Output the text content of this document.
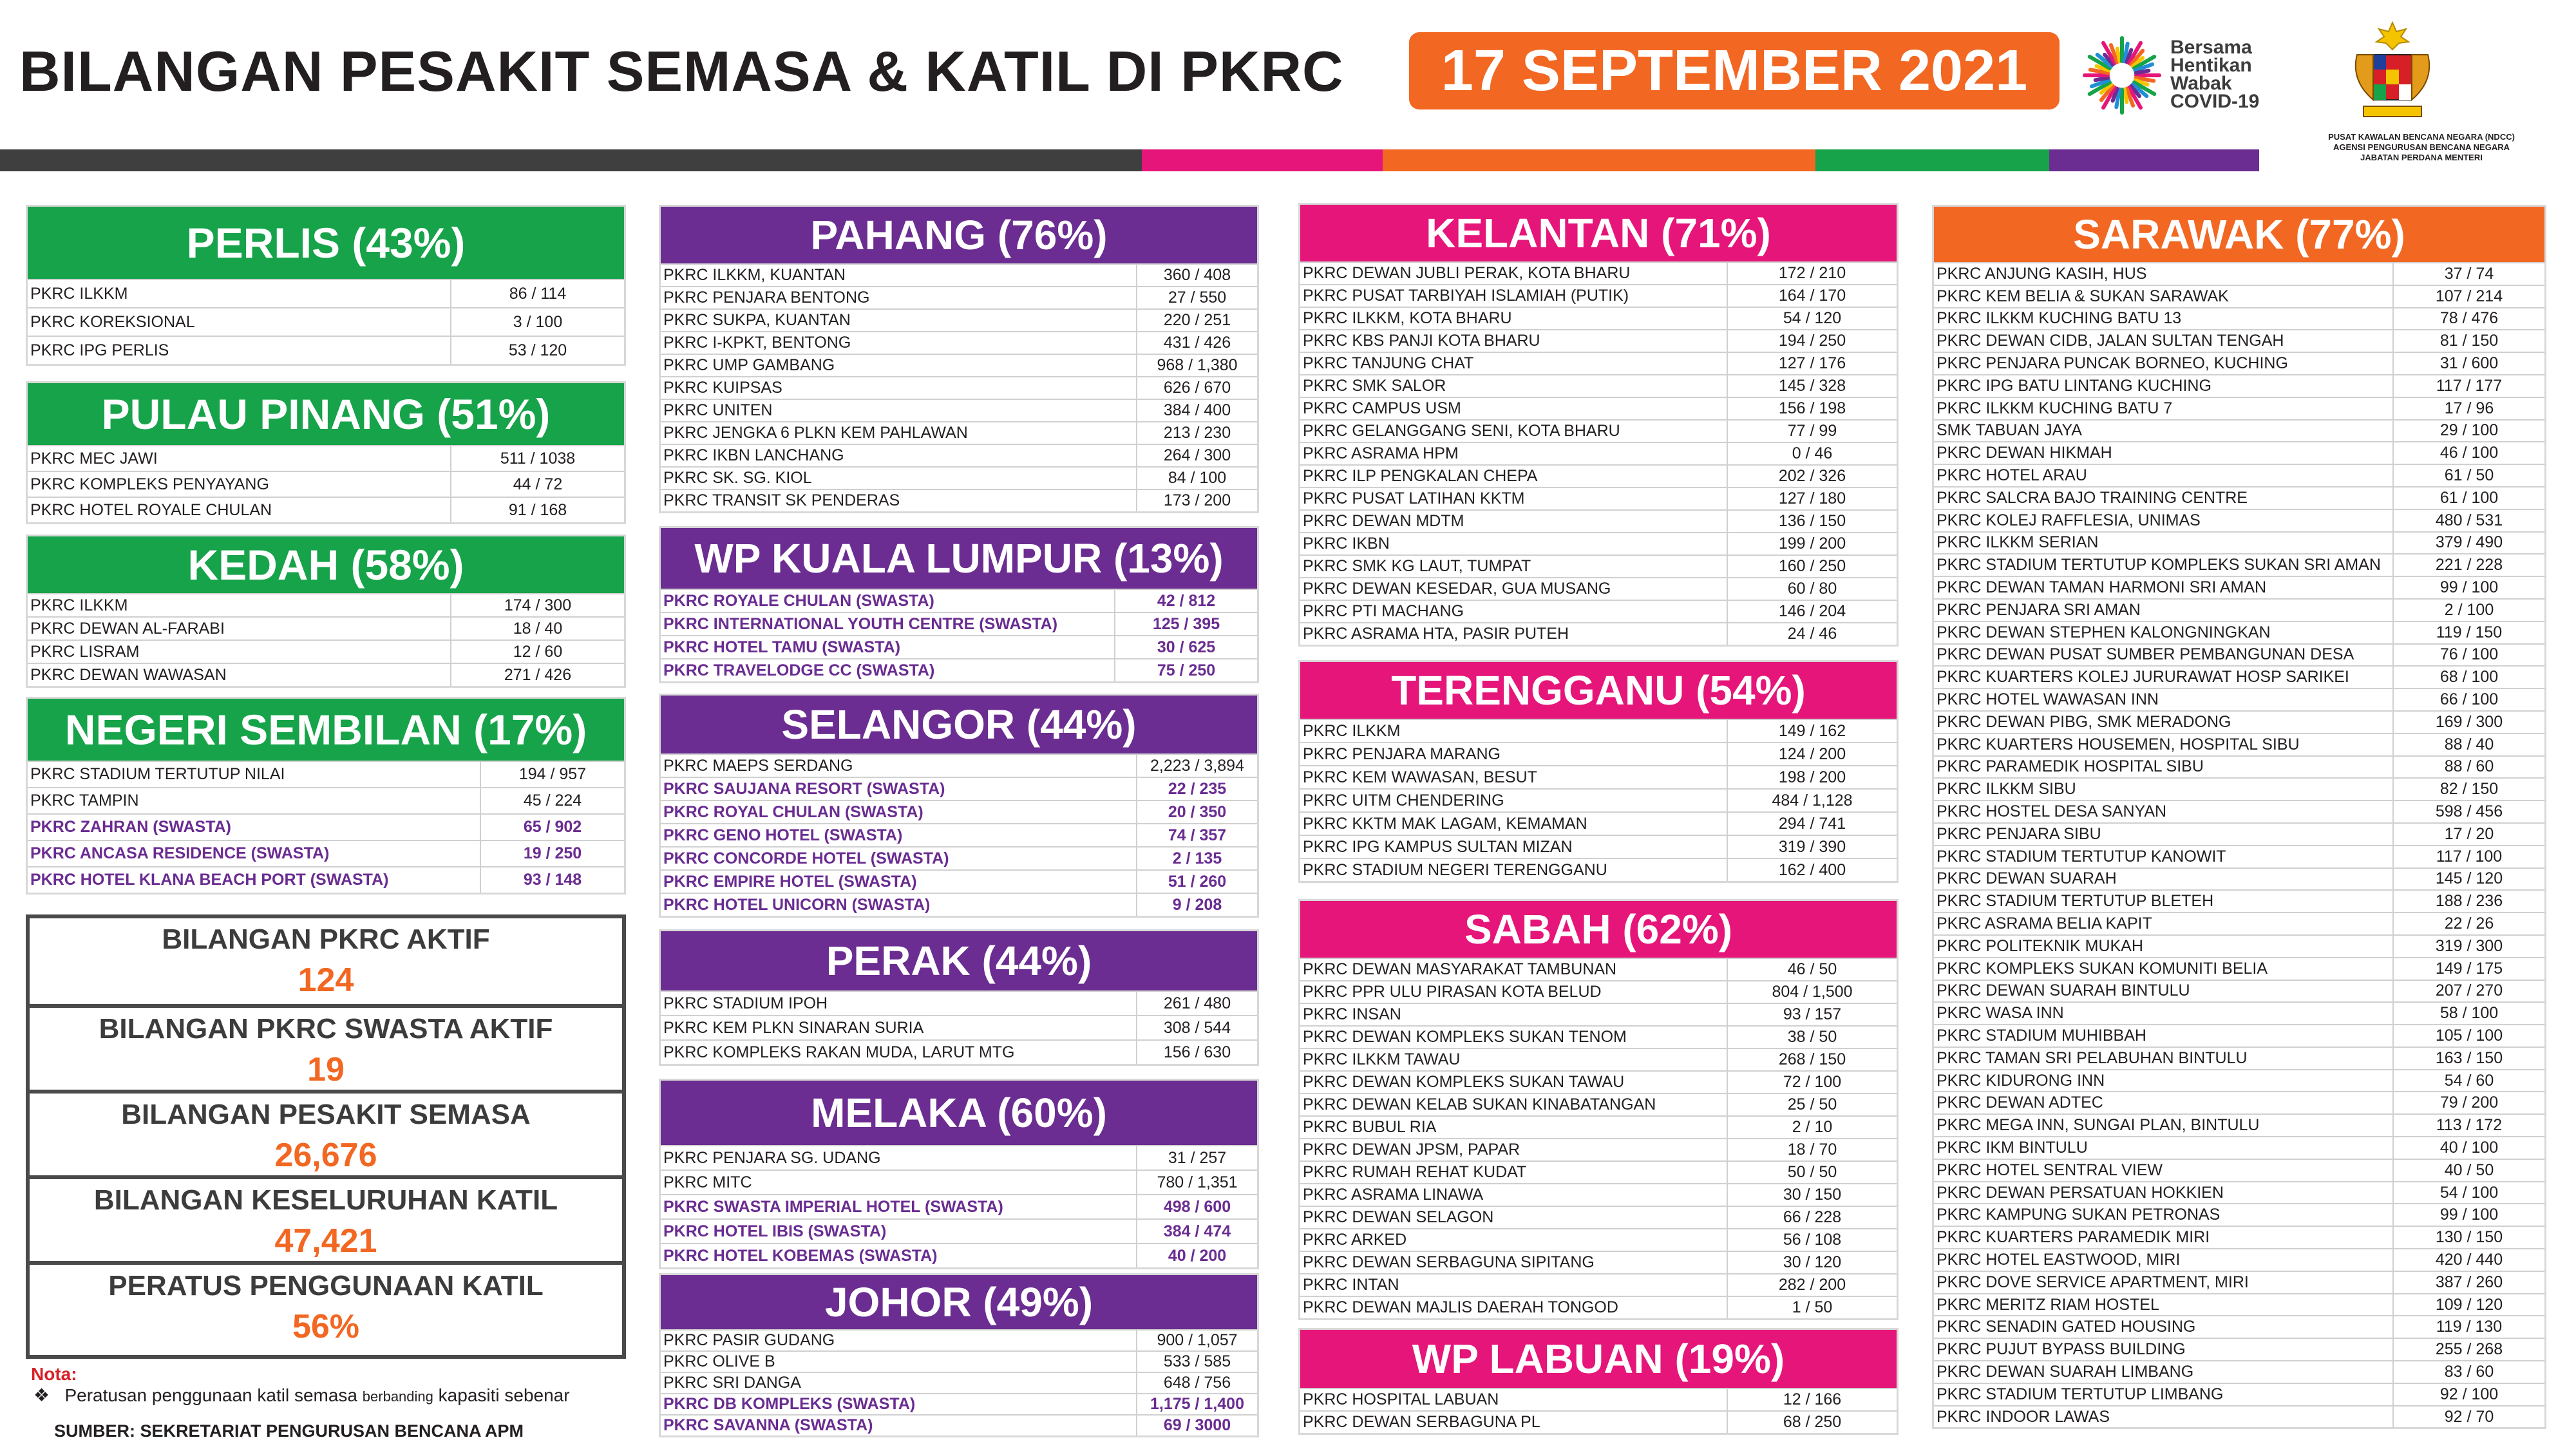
BILANGAN PESAKIT SEMASA & KATIL DI PKRC	17 SEPTEMBER 2021	Bersama
Hentikan
Wabak
COVID-19
PUSAT KAWALAN BENCANA NEGARA (NDCC)
AGENSI PENGURUSAN BENCANA NEGARA
JABATAN PERDANA MENTERI
PERLIS (43%)
PKRC ILKKM	86 / 114
PKRC KOREKSIONAL	3 / 100
PKRC IPG PERLIS	53 / 120
PULAU PINANG (51%)
PKRC MEC JAWI	511 / 1038
PKRC KOMPLEKS PENYAYANG	44 / 72
PKRC HOTEL ROYALE CHULAN	91 / 168
KEDAH (58%)
PKRC ILKKM	174 / 300
PKRC DEWAN AL-FARABI	18 / 40
PKRC LISRAM	12 / 60
PKRC DEWAN WAWASAN	271 / 426
NEGERI SEMBILAN (17%)
PKRC STADIUM TERTUTUP NILAI	194 / 957
PKRC TAMPIN	45 / 224
PKRC ZAHRAN (SWASTA)	65 / 902
PKRC ANCASA RESIDENCE (SWASTA)	19 / 250
PKRC HOTEL KLANA BEACH PORT (SWASTA)	93 / 148
PAHANG (76%)
PKRC ILKKM, KUANTAN	360 / 408
PKRC PENJARA BENTONG	27 / 550
PKRC SUKPA, KUANTAN	220 / 251
PKRC I-KPKT, BENTONG	431 / 426
PKRC UMP GAMBANG	968 / 1,380
PKRC KUIPSAS	626 / 670
PKRC UNITEN	384 / 400
PKRC JENGKA 6 PLKN KEM PAHLAWAN	213 / 230
PKRC IKBN LANCHANG	264 / 300
PKRC SK. SG. KIOL	84 / 100
PKRC TRANSIT SK PENDERAS	173 / 200
WP KUALA LUMPUR (13%)
PKRC ROYALE CHULAN (SWASTA)	42 / 812
PKRC INTERNATIONAL YOUTH CENTRE (SWASTA)	125 / 395
PKRC HOTEL TAMU (SWASTA)	30 / 625
PKRC TRAVELODGE CC (SWASTA)	75 / 250
SELANGOR (44%)
PKRC MAEPS SERDANG	2,223 / 3,894
PKRC SAUJANA RESORT (SWASTA)	22 / 235
PKRC ROYAL CHULAN (SWASTA)	20 / 350
PKRC GENO HOTEL (SWASTA)	74 / 357
PKRC CONCORDE HOTEL (SWASTA)	2 / 135
PKRC EMPIRE HOTEL (SWASTA)	51 / 260
PKRC HOTEL UNICORN (SWASTA)	9 / 208
PERAK (44%)
PKRC STADIUM IPOH	261 / 480
PKRC KEM PLKN SINARAN SURIA	308 / 544
PKRC KOMPLEKS RAKAN MUDA, LARUT MTG	156 / 630
MELAKA (60%)
PKRC PENJARA SG. UDANG	31 / 257
PKRC MITC	780 / 1,351
PKRC SWASTA IMPERIAL HOTEL (SWASTA)	498 / 600
PKRC HOTEL IBIS (SWASTA)	384 / 474
PKRC HOTEL KOBEMAS (SWASTA)	40 / 200
JOHOR (49%)
PKRC PASIR GUDANG	900 / 1,057
PKRC OLIVE B	533 / 585
PKRC SRI DANGA	648 / 756
PKRC DB KOMPLEKS (SWASTA)	1,175 / 1,400
PKRC SAVANNA (SWASTA)	69 / 3000
KELANTAN (71%)
PKRC DEWAN JUBLI PERAK, KOTA BHARU	172 / 210
PKRC PUSAT TARBIYAH ISLAMIAH (PUTIK)	164 / 170
PKRC ILKKM, KOTA BHARU	54 / 120
PKRC KBS PANJI KOTA BHARU	194 / 250
PKRC TANJUNG CHAT	127 / 176
PKRC SMK SALOR	145 / 328
PKRC CAMPUS USM	156 / 198
PKRC GELANGGANG SENI, KOTA BHARU	77 / 99
PKRC ASRAMA HPM	0 / 46
PKRC ILP PENGKALAN CHEPA	202 / 326
PKRC PUSAT LATIHAN KKTM	127 / 180
PKRC DEWAN MDTM	136 / 150
PKRC IKBN	199 / 200
PKRC SMK KG LAUT, TUMPAT	160 / 250
PKRC DEWAN KESEDAR, GUA MUSANG	60 / 80
PKRC PTI MACHANG	146 / 204
PKRC ASRAMA HTA, PASIR PUTEH	24 / 46
TERENGGANU (54%)
PKRC ILKKM	149 / 162
PKRC PENJARA MARANG	124 / 200
PKRC KEM WAWASAN, BESUT	198 / 200
PKRC UITM CHENDERING	484 / 1,128
PKRC KKTM MAK LAGAM, KEMAMAN	294 / 741
PKRC IPG KAMPUS SULTAN MIZAN	319 / 390
PKRC STADIUM NEGERI TERENGGANU	162 / 400
SABAH (62%)
PKRC DEWAN MASYARAKAT TAMBUNAN	46 / 50
PKRC PPR ULU PIRASAN KOTA BELUD	804 / 1,500
PKRC INSAN	93 / 157
PKRC DEWAN KOMPLEKS SUKAN TENOM	38 / 50
PKRC ILKKM TAWAU	268 / 150
PKRC DEWAN KOMPLEKS SUKAN TAWAU	72 / 100
PKRC DEWAN KELAB SUKAN KINABATANGAN	25 / 50
PKRC BUBUL RIA	2 / 10
PKRC DEWAN JPSM, PAPAR	18 / 70
PKRC RUMAH REHAT KUDAT	50 / 50
PKRC ASRAMA LINAWA	30 / 150
PKRC DEWAN SELAGON	66 / 228
PKRC ARKED	56 / 108
PKRC DEWAN SERBAGUNA SIPITANG	30 / 120
PKRC INTAN	282 / 200
PKRC DEWAN MAJLIS DAERAH TONGOD	1 / 50
WP LABUAN (19%)
PKRC HOSPITAL LABUAN	12 / 166
PKRC DEWAN SERBAGUNA PL	68 / 250
SARAWAK (77%)
PKRC ANJUNG KASIH, HUS	37 / 74
PKRC KEM BELIA & SUKAN SARAWAK	107 / 214
PKRC ILKKM KUCHING BATU 13	78 / 476
PKRC DEWAN CIDB, JALAN SULTAN TENGAH	81 / 150
PKRC PENJARA PUNCAK BORNEO, KUCHING	31 / 600
PKRC IPG BATU LINTANG KUCHING	117 / 177
PKRC ILKKM KUCHING BATU 7	17 / 96
SMK TABUAN JAYA	29 / 100
PKRC DEWAN HIKMAH	46 / 100
PKRC HOTEL ARAU	61 / 50
PKRC SALCRA BAJO TRAINING CENTRE	61 / 100
PKRC KOLEJ RAFFLESIA, UNIMAS	480 / 531
PKRC ILKKM SERIAN	379 / 490
PKRC STADIUM TERTUTUP KOMPLEKS SUKAN SRI AMAN	221 / 228
PKRC DEWAN TAMAN HARMONI SRI AMAN	99 / 100
PKRC PENJARA SRI AMAN	2 / 100
PKRC DEWAN STEPHEN KALONGNINGKAN	119 / 150
PKRC DEWAN PUSAT SUMBER PEMBANGUNAN DESA	76 / 100
PKRC KUARTERS KOLEJ JURURAWAT HOSP SARIKEI	68 / 100
PKRC HOTEL WAWASAN INN	66 / 100
PKRC DEWAN PIBG, SMK MERADONG	169 / 300
PKRC KUARTERS HOUSEMEN, HOSPITAL SIBU	88 / 40
PKRC PARAMEDIK HOSPITAL SIBU	88 / 60
PKRC ILKKM SIBU	82 / 150
PKRC HOSTEL DESA SANYAN	598 / 456
PKRC PENJARA SIBU	17 / 20
PKRC STADIUM TERTUTUP KANOWIT	117 / 100
PKRC DEWAN SUARAH	145 / 120
PKRC STADIUM TERTUTUP BLETEH	188 / 236
PKRC ASRAMA BELIA KAPIT	22 / 26
PKRC POLITEKNIK MUKAH	319 / 300
PKRC KOMPLEKS SUKAN KOMUNITI BELIA	149 / 175
PKRC DEWAN SUARAH BINTULU	207 / 270
PKRC WASA INN	58 / 100
PKRC STADIUM MUHIBBAH	105 / 100
PKRC TAMAN SRI PELABUHAN BINTULU	163 / 150
PKRC KIDURONG INN	54 / 60
PKRC DEWAN ADTEC	79 / 200
PKRC MEGA INN, SUNGAI PLAN, BINTULU	113 / 172
PKRC IKM BINTULU	40 / 100
PKRC HOTEL SENTRAL VIEW	40 / 50
PKRC DEWAN PERSATUAN HOKKIEN	54 / 100
PKRC KAMPUNG SUKAN PETRONAS	99 / 100
PKRC KUARTERS PARAMEDIK MIRI	130 / 150
PKRC HOTEL EASTWOOD, MIRI	420 / 440
PKRC DOVE SERVICE APARTMENT, MIRI	387 / 260
PKRC MERITZ RIAM HOSTEL	109 / 120
PKRC SENADIN GATED HOUSING	119 / 130
PKRC PUJUT BYPASS BUILDING	255 / 268
PKRC DEWAN SUARAH LIMBANG	83 / 60
PKRC STADIUM TERTUTUP LIMBANG	92 / 100
PKRC INDOOR LAWAS	92 / 70
BILANGAN PKRC AKTIF
124
BILANGAN PKRC SWASTA AKTIF
19
BILANGAN PESAKIT SEMASA
26,676
BILANGAN KESELURUHAN KATIL
47,421
PERATUS PENGGUNAAN KATIL
56%
Nota:
❖ Peratusan penggunaan katil semasa berbanding kapasiti sebenar
SUMBER: SEKRETARIAT PENGURUSAN BENCANA APM
